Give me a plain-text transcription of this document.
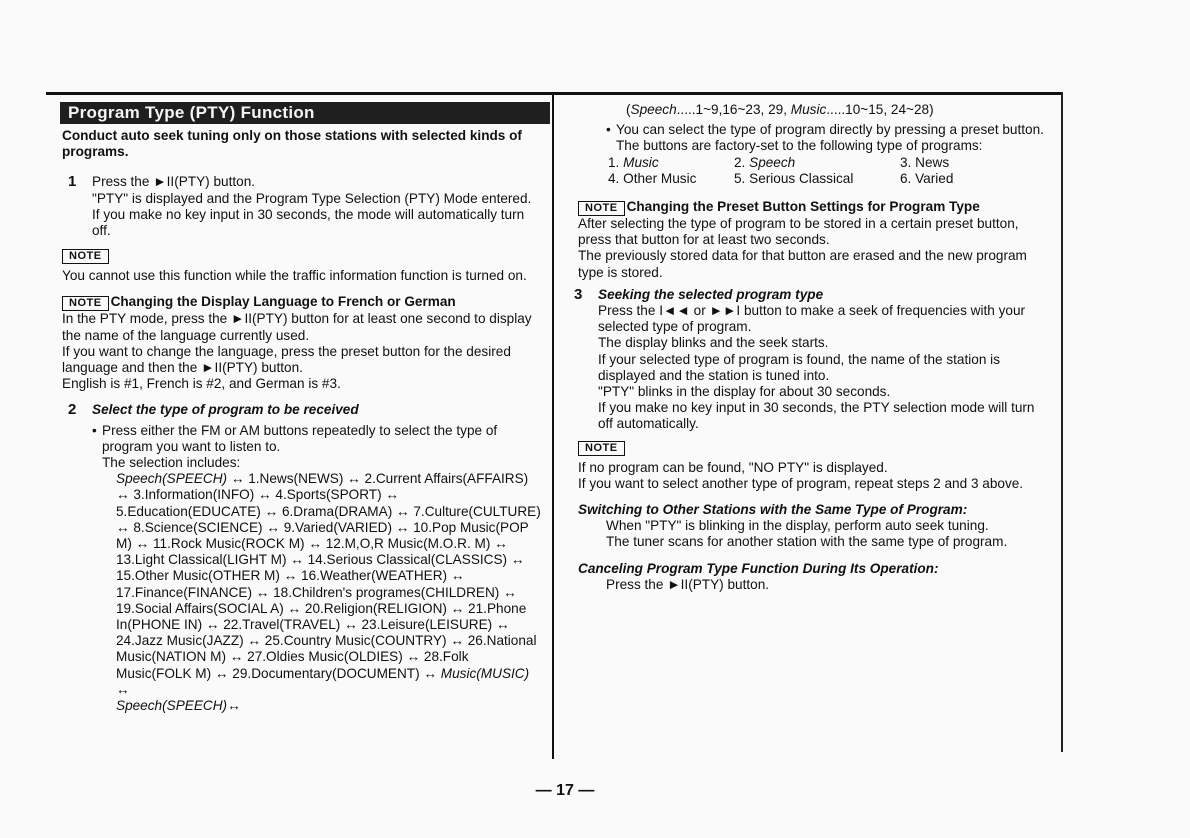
Program Type (PTY) Function
Conduct auto seek tuning only on those stations with selected kinds of programs.
1	Press the ►II(PTY) button.
"PTY" is displayed and the Program Type Selection (PTY) Mode entered.
If you make no key input in 30 seconds, the mode will automatically turn off.
NOTE
You cannot use this function while the traffic information function is turned on.
NOTE Changing the Display Language to French or German
In the PTY mode, press the ►II(PTY) button for at least one second to display the name of the language currently used.
If you want to change the language, press the preset button for the desired language and then the ►II(PTY) button.
English is #1, French is #2, and German is #3.
2	Select the type of program to be received
• Press either the FM or AM buttons repeatedly to select the type of program you want to listen to.
The selection includes:
Speech(SPEECH) ↔ 1.News(NEWS) ↔ 2.Current Affairs(AFFAIRS) ↔ 3.Information(INFO) ↔ 4.Sports(SPORT) ↔ 5.Education(EDUCATE) ↔ 6.Drama(DRAMA) ↔ 7.Culture(CULTURE) ↔ 8.Science(SCIENCE) ↔ 9.Varied(VARIED) ↔ 10.Pop Music(POP M) ↔ 11.Rock Music(ROCK M) ↔ 12.M,O,R Music(M.O.R. M) ↔ 13.Light Classical(LIGHT M) ↔ 14.Serious Classical(CLASSICS) ↔ 15.Other Music(OTHER M) ↔ 16.Weather(WEATHER) ↔ 17.Finance(FINANCE) ↔ 18.Children's programes(CHILDREN) ↔ 19.Social Affairs(SOCIAL A) ↔ 20.Religion(RELIGION) ↔ 21.Phone In(PHONE IN) ↔ 22.Travel(TRAVEL) ↔ 23.Leisure(LEISURE) ↔ 24.Jazz Music(JAZZ) ↔ 25.Country Music(COUNTRY) ↔ 26.National Music(NATION M) ↔ 27.Oldies Music(OLDIES) ↔ 28.Folk Music(FOLK M) ↔ 29.Documentary(DOCUMENT) ↔ Music(MUSIC) ↔
Speech(SPEECH)↔
(Speech.....1~9,16~23, 29, Music.....10~15, 24~28)
• You can select the type of program directly by pressing a preset button. The buttons are factory-set to the following type of programs:
1. Music	2. Speech	3. News
4. Other Music	5. Serious Classical	6. Varied
NOTE Changing the Preset Button Settings for Program Type
After selecting the type of program to be stored in a certain preset button, press that button for at least two seconds.
The previously stored data for that button are erased and the new program type is stored.
3	Seeking the selected program type
Press the I◄◄ or ►►I button to make a seek of frequencies with your selected type of program.
The display blinks and the seek starts.
If your selected type of program is found, the name of the station is displayed and the station is tuned into.
"PTY" blinks in the display for about 30 seconds.
If you make no key input in 30 seconds, the PTY selection mode will turn off automatically.
NOTE
If no program can be found, "NO PTY" is displayed.
If you want to select another type of program, repeat steps 2 and 3 above.
Switching to Other Stations with the Same Type of Program:
When "PTY" is blinking in the display, perform auto seek tuning.
The tuner scans for another station with the same type of program.
Canceling Program Type Function During Its Operation:
Press the ►II(PTY) button.
— 17 —
